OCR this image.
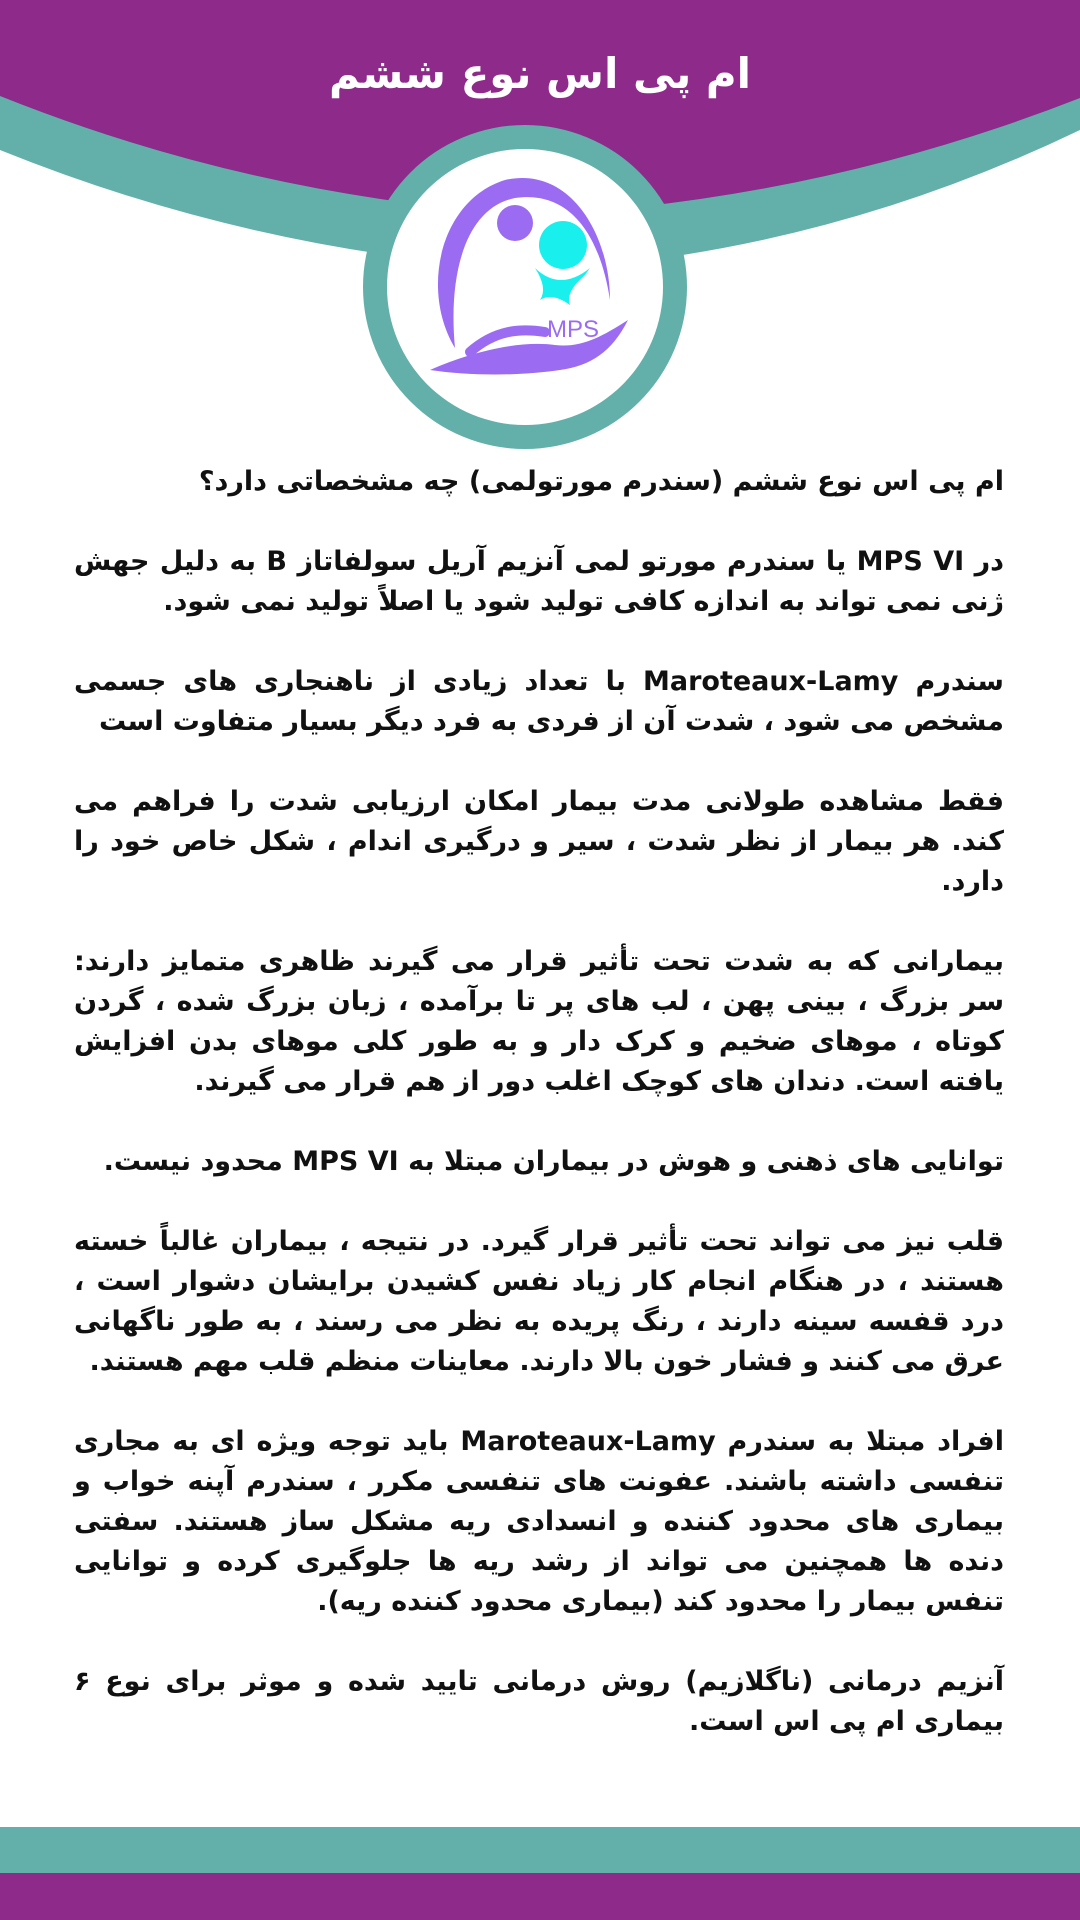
MPS
ام پی اس نوع ششم

ام پی اس نوع ششم (سندرم مورتولمی) چه مشخصاتی دارد؟

در MPS VI یا سندرم مورتو لمی آنزیم آریل سولفاتاز B به دلیل جهش ژنی نمی تواند به اندازه کافی تولید شود یا اصلاً تولید نمی شود.

سندرم Maroteaux-Lamy با تعداد زیادی از ناهنجاری های جسمی مشخص می شود ، شدت آن از فردی به فرد دیگر بسیار متفاوت است

فقط مشاهده طولانی مدت بیمار امکان ارزیابی شدت را فراهم می کند. هر بیمار از نظر شدت ، سیر و درگیری اندام ، شکل خاص خود را دارد.

بیمارانی که به شدت تحت تأثیر قرار می گیرند ظاهری متمایز دارند: سر بزرگ ، بینی پهن ، لب های پر تا برآمده ، زبان بزرگ شده ، گردن کوتاه ، موهای ضخیم و کرک دار و به طور کلی موهای بدن افزایش یافته است. دندان های کوچک اغلب دور از هم قرار می گیرند.

توانایی های ذهنی و هوش در بیماران مبتلا به MPS VI محدود نیست.

قلب نیز می تواند تحت تأثیر قرار گیرد. در نتیجه ، بیماران غالباً خسته هستند ، در هنگام انجام کار زیاد نفس کشیدن برایشان دشوار است ، درد قفسه سینه دارند ، رنگ پریده به نظر می رسند ، به طور ناگهانی عرق می کنند و فشار خون بالا دارند. معاینات منظم قلب مهم هستند.

افراد مبتلا به سندرم Maroteaux-Lamy باید توجه ویژه ای به مجاری تنفسی داشته باشند. عفونت های تنفسی مکرر ، سندرم آپنه خواب و بیماری های محدود کننده و انسدادی ریه مشکل ساز هستند. سفتی دنده ها همچنین می تواند از رشد ریه ها جلوگیری کرده و توانایی تنفس بیمار را محدود کند (بیماری محدود کننده ریه).

آنزیم درمانی (ناگلازیم) روش درمانی تایید شده و موثر برای نوع ۶ بیماری ام پی اس است.
